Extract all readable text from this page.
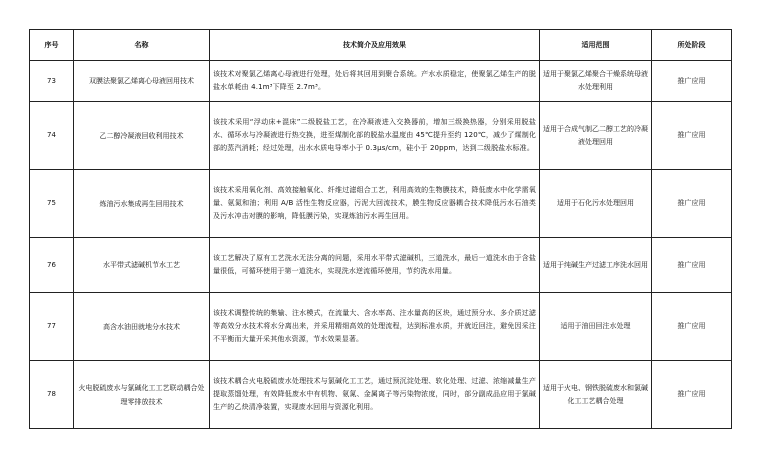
序号	名称	技术简介及应用效果	适用范围	所处阶段
73	双膜法聚氯乙烯离心母液回用技术	该技术对聚氯乙烯离心母液进行处理，处后将其回用到聚合系统。产水水质稳定，使聚氯乙烯生产的脱盐水单耗由 4.1m³下降至 2.7m³。	适用于聚氯乙烯聚合干燥系统母液水处理利用	推广应用
74	乙二醇冷凝液回收利用技术	该技术采用“浮动床+混床”二级脱盐工艺，在冷凝液进入交换器前，增加三级换热器，分别采用脱盐水、循环水与冷凝液进行热交换，进至煤制化部的脱盐水温度由 45℃提升至约 120℃，减少了煤制化部的蒸汽消耗；经过处理，出水水质电导率小于 0.3μs/cm，硅小于 20ppm，达到二级脱盐水标准。	适用于合成气制乙二醇工艺的冷凝液处理回用	推广应用
75	炼油污水集成再生回用技术	该技术采用氧化剂、高效接触氧化、纤维过滤组合工艺，利用高效的生物膜技术，降低废水中化学需氧量、氨氮和油；利用 A/B 活性生物反应器，污泥大回流技术，膜生物反应器耦合技术降低污水石油类及污水冲击对膜的影响，降低膜污染，实现炼油污水再生回用。	适用于石化污水处理回用	推广应用
76	水平带式滤碱机节水工艺	该工艺解决了原有工艺洗水无法分离的问题，采用水平带式滤碱机，三道洗水，最后一道洗水由于含盐量很低，可循环使用于第一道洗水，实现洗水逆流循环使用，节约洗水用量。	适用于纯碱生产过滤工序洗水回用	推广应用
77	高含水油田就地分水技术	该技术调整传统的集输、注水模式，在流量大、含水率高、注水量高的区块，通过预分水、多介质过滤等高效分水技术将水分离出来，并采用精细高效的处理流程，达到标准水质，并就近回注，避免因采注不平衡而大量开采其他水资源，节水效果显著。	适用于油田回注水处理	推广应用
78	火电脱硫废水与氯碱化工工艺联动耦合处理零排放技术	该技术耦合火电脱硫废水处理技术与氯碱化工工艺，通过预沉淀处理、软化处理、过滤、浓缩减量生产提取蒸馏处理，有效降低废水中有机物、氨氮、金属离子等污染物浓度，同时，部分副成品应用于氯碱生产的乙炔清净装置，实现废水回用与资源化利用。	适用于火电、钢铁脱硫废水和氯碱化工工艺耦合处理	推广应用
